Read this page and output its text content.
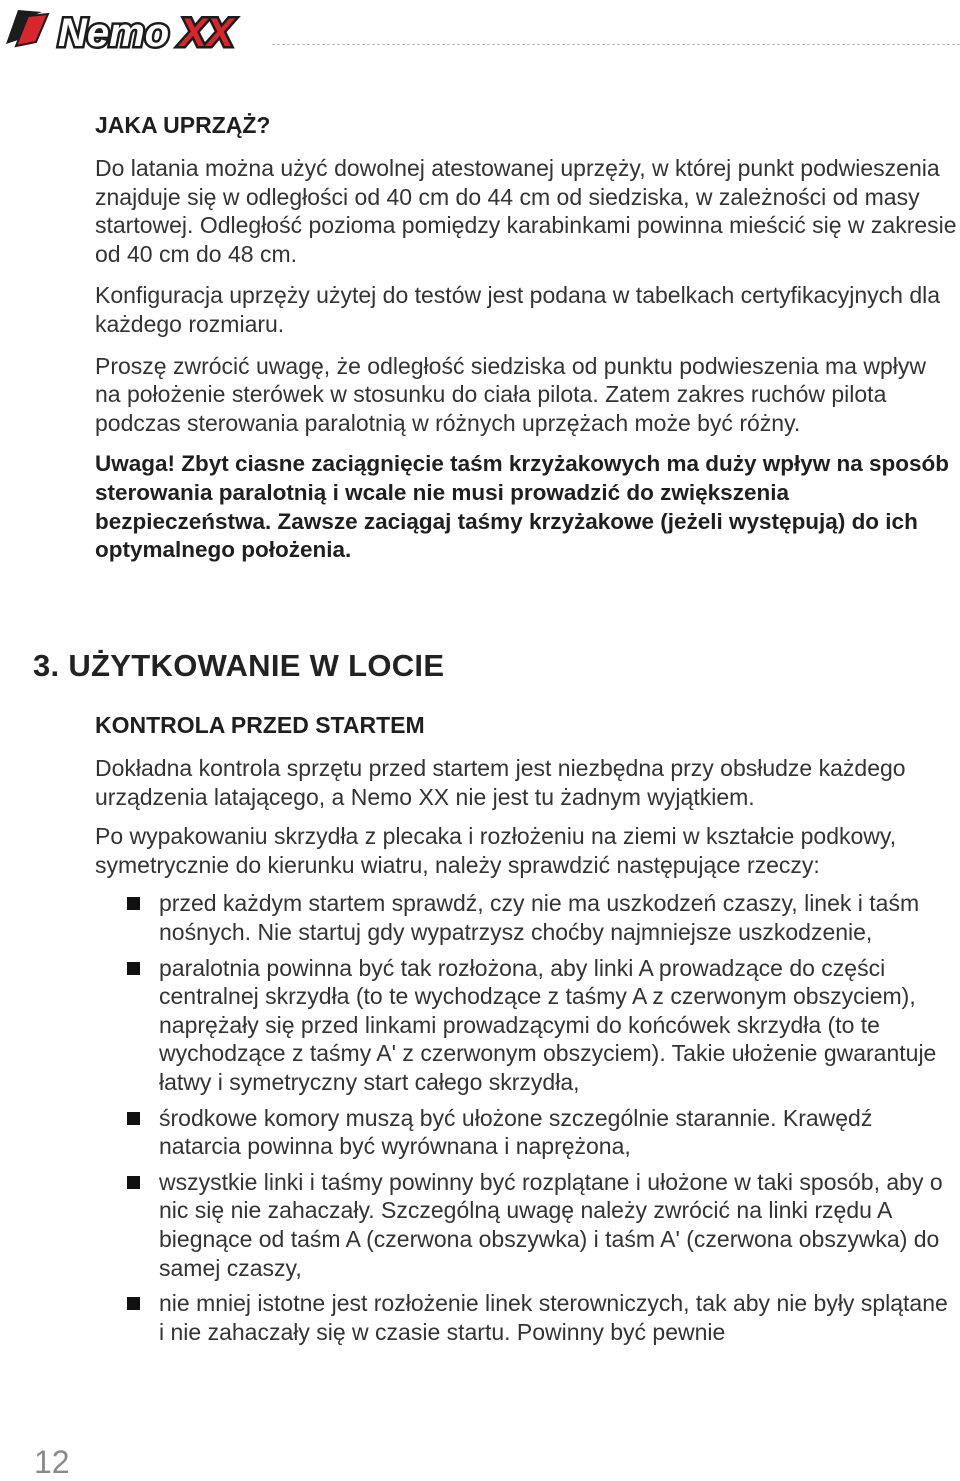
Nemo XX
JAKA UPRZĄŻ?

Do latania można użyć dowolnej atestowanej uprzęży, w której punkt podwieszenia znajduje się w odległości od 40 cm do 44 cm od siedziska, w zależności od masy startowej. Odległość pozioma pomiędzy karabinkami powinna mieścić się w zakresie od 40 cm do 48 cm.

Konfiguracja uprzęży użytej do testów jest podana w tabelkach certyfikacyjnych dla każdego rozmiaru.

Proszę zwrócić uwagę, że odległość siedziska od punktu podwieszenia ma wpływ na położenie sterówek w stosunku do ciała pilota. Zatem zakres ruchów pilota podczas sterowania paralotnią w różnych uprzężach może być różny.

Uwaga! Zbyt ciasne zaciągnięcie taśm krzyżakowych ma duży wpływ na sposób sterowania paralotnią i wcale nie musi prowadzić do zwiększenia bezpieczeństwa. Zawsze zaciągaj taśmy krzyżakowe (jeżeli występują) do ich optymalnego położenia.

3. UŻYTKOWANIE W LOCIE
KONTROLA PRZED STARTEM

Dokładna kontrola sprzętu przed startem jest niezbędna przy obsłudze każdego urządzenia latającego, a Nemo XX nie jest tu żadnym wyjątkiem.

Po wypakowaniu skrzydła z plecaka i rozłożeniu na ziemi w kształcie podkowy, symetrycznie do kierunku wiatru, należy sprawdzić następujące rzeczy:

przed każdym startem sprawdź, czy nie ma uszkodzeń czaszy, linek i taśm nośnych. Nie startuj gdy wypatrzysz choćby najmniejsze uszkodzenie,
paralotnia powinna być tak rozłożona, aby linki A prowadzące do części centralnej skrzydła (to te wychodzące z taśmy A z czerwonym obszyciem), naprężały się przed linkami prowadzącymi do końcówek skrzydła (to te wychodzące z taśmy A' z czerwonym obszyciem). Takie ułożenie gwarantuje łatwy i symetryczny start całego skrzydła,
środkowe komory muszą być ułożone szczególnie starannie. Krawędź natarcia powinna być wyrównana i naprężona,
wszystkie linki i taśmy powinny być rozplątane i ułożone w taki sposób, aby o nic się nie zahaczały. Szczególną uwagę należy zwrócić na linki rzędu A biegnące od taśm A (czerwona obszywka) i taśm A' (czerwona obszywka) do samej czaszy,
nie mniej istotne jest rozłożenie linek sterowniczych, tak aby nie były splątane i nie zahaczały się w czasie startu. Powinny być pewnie
12
